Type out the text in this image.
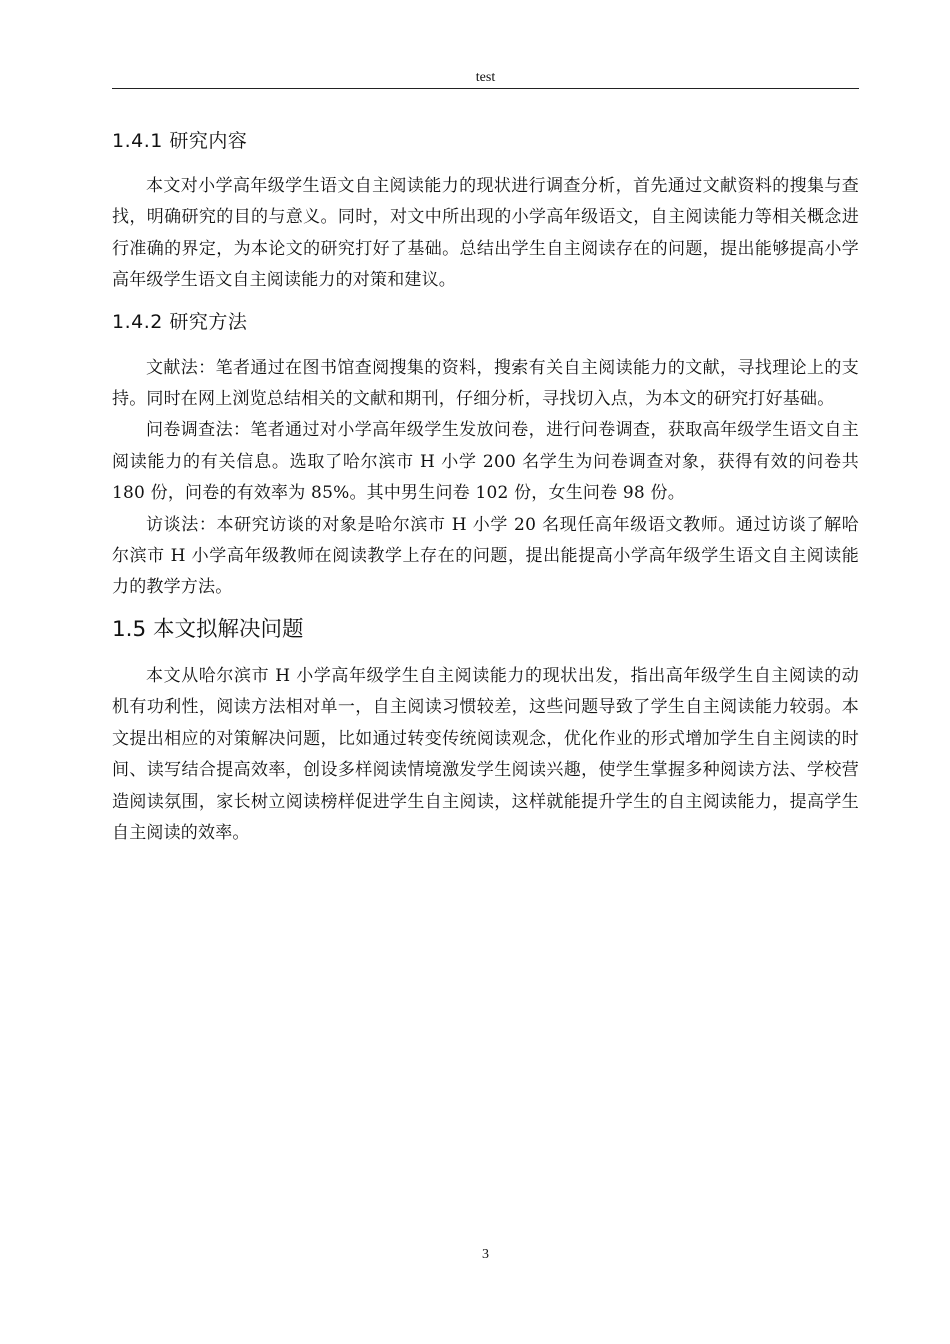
test
1.4.1 研究内容

本文对小学高年级学生语文自主阅读能力的现状进行调查分析，首先通过文献资料的搜集与查找，明确研究的目的与意义。同时，对文中所出现的小学高年级语文，自主阅读能力等相关概念进行准确的界定，为本论文的研究打好了基础。总结出学生自主阅读存在的问题，提出能够提高小学高年级学生语文自主阅读能力的对策和建议。

1.4.2 研究方法

文献法：笔者通过在图书馆查阅搜集的资料，搜索有关自主阅读能力的文献，寻找理论上的支持。同时在网上浏览总结相关的文献和期刊，仔细分析，寻找切入点，为本文的研究打好基础。

问卷调查法：笔者通过对小学高年级学生发放问卷，进行问卷调查，获取高年级学生语文自主阅读能力的有关信息。选取了哈尔滨市 H 小学 200 名学生为问卷调查对象，获得有效的问卷共 180 份，问卷的有效率为 85%。其中男生问卷 102 份，女生问卷 98 份。

访谈法：本研究访谈的对象是哈尔滨市 H 小学 20 名现任高年级语文教师。通过访谈了解哈尔滨市 H 小学高年级教师在阅读教学上存在的问题，提出能提高小学高年级学生语文自主阅读能力的教学方法。

1.5 本文拟解决问题

本文从哈尔滨市 H 小学高年级学生自主阅读能力的现状出发，指出高年级学生自主阅读的动机有功利性，阅读方法相对单一，自主阅读习惯较差，这些问题导致了学生自主阅读能力较弱。本文提出相应的对策解决问题，比如通过转变传统阅读观念，优化作业的形式增加学生自主阅读的时间、读写结合提高效率，创设多样阅读情境激发学生阅读兴趣，使学生掌握多种阅读方法、学校营造阅读氛围，家长树立阅读榜样促进学生自主阅读，这样就能提升学生的自主阅读能力，提高学生自主阅读的效率。

3
